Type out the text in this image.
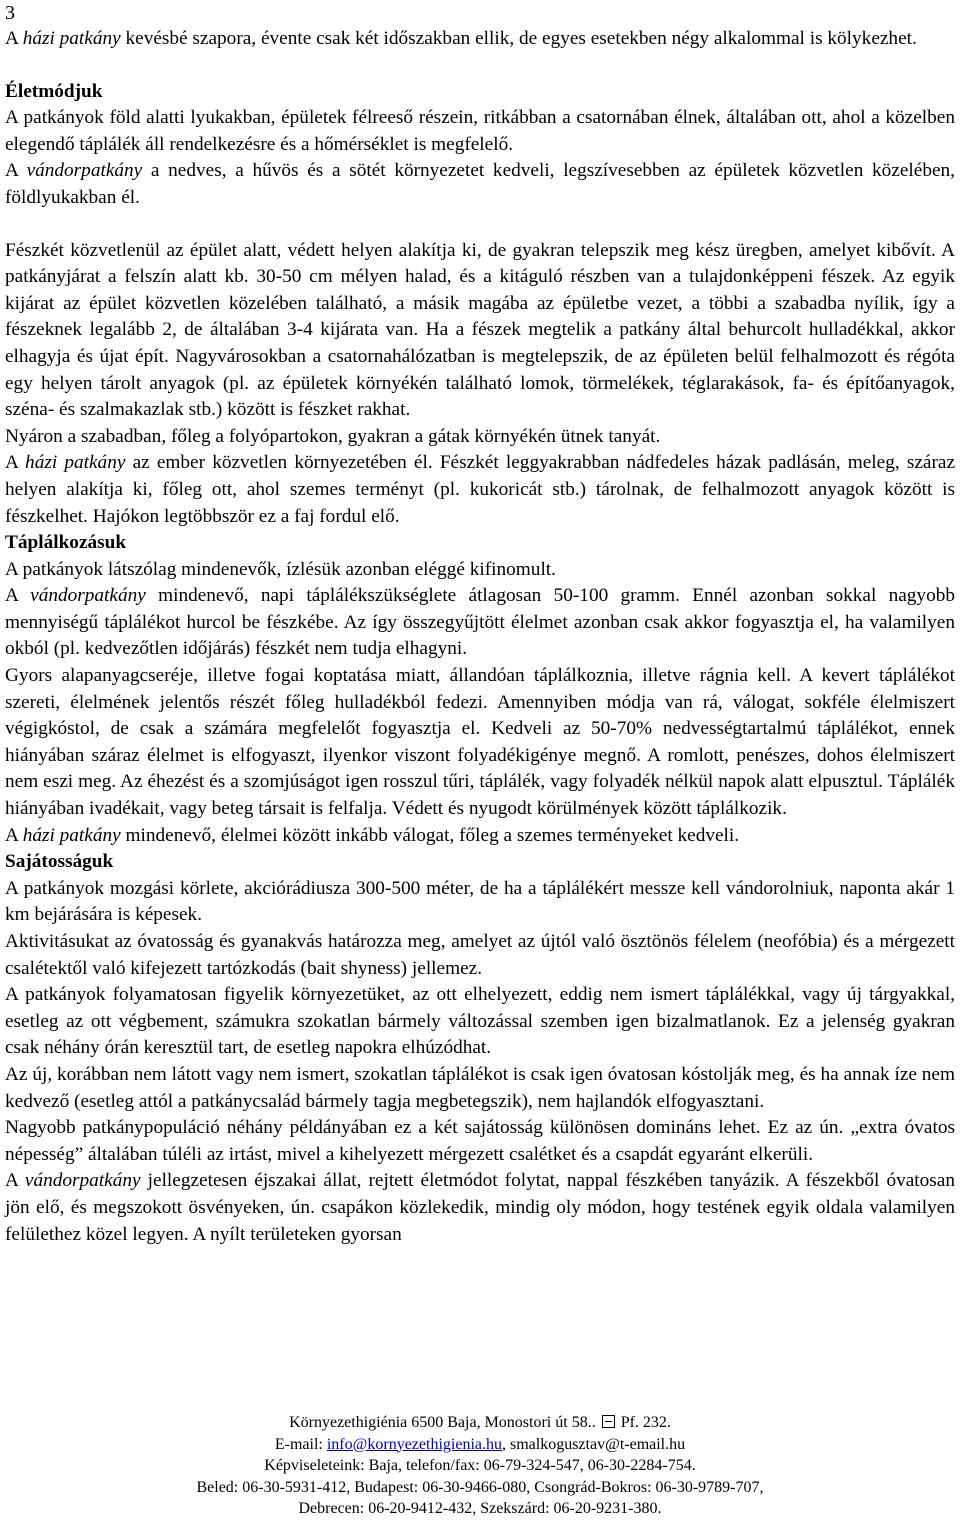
3

A házi patkány kevésbé szapora, évente csak két időszakban ellik, de egyes esetekben négy alkalommal is kölykezhet.

Életmódjuk

A patkányok föld alatti lyukakban, épületek félreeső részein, ritkábban a csatornában élnek, általában ott, ahol a közelben elegendő táplálék áll rendelkezésre és a hőmérséklet is megfelelő.

A vándorpatkány a nedves, a hűvös és a sötét környezetet kedveli, legszívesebben az épületek közvetlen közelében, földlyukakban él.

Fészkét közvetlenül az épület alatt, védett helyen alakítja ki, de gyakran telepszik meg kész üregben, amelyet kibővít. A patkányjárat a felszín alatt kb. 30-50 cm mélyen halad, és a kitáguló részben van a tulajdonképpeni fészek. Az egyik kijárat az épület közvetlen közelében található, a másik magába az épületbe vezet, a többi a szabadba nyílik, így a fészeknek legalább 2, de általában 3-4 kijárata van. Ha a fészek megtelik a patkány által behurcolt hulladékkal, akkor elhagyja és újat épít. Nagyvárosokban a csatornahálózatban is megtelepszik, de az épületen belül felhalmozott és régóta egy helyen tárolt anyagok (pl. az épületek környékén található lomok, törmelékek, téglarakások, fa- és építőanyagok, széna- és szalmakazlak stb.) között is fészket rakhat.

Nyáron a szabadban, főleg a folyópartokon, gyakran a gátak környékén ütnek tanyát.

A házi patkány az ember közvetlen környezetében él. Fészkét leggyakrabban nádfedeles házak padlásán, meleg, száraz helyen alakítja ki, főleg ott, ahol szemes terményt (pl. kukoricát stb.) tárolnak, de felhalmozott anyagok között is fészkelhet. Hajókon legtöbbször ez a faj fordul elő.

Táplálkozásuk

A patkányok látszólag mindenevők, ízlésük azonban eléggé kifinomult.

A vándorpatkány mindenevő, napi táplálékszükséglete átlagosan 50-100 gramm. Ennél azonban sokkal nagyobb mennyiségű táplálékot hurcol be fészkébe. Az így összegyűjtött élelmet azonban csak akkor fogyasztja el, ha valamilyen okból (pl. kedvezőtlen időjárás) fészkét nem tudja elhagyni.

Gyors alapanyagcseréje, illetve fogai koptatása miatt, állandóan táplálkoznia, illetve rágnia kell. A kevert táplálékot szereti, élelmének jelentős részét főleg hulladékból fedezi. Amennyiben módja van rá, válogat, sokféle élelmiszert végigkóstol, de csak a számára megfelelőt fogyasztja el. Kedveli az 50-70% nedvességtartalmú táplálékot, ennek hiányában száraz élelmet is elfogyaszt, ilyenkor viszont folyadékigénye megnő. A romlott, penészes, dohos élelmiszert nem eszi meg. Az éhezést és a szomjúságot igen rosszul tűri, táplálék, vagy folyadék nélkül napok alatt elpusztul. Táplálék hiányában ivadékait, vagy beteg társait is felfalja. Védett és nyugodt körülmények között táplálkozik.

A házi patkány mindenevő, élelmei között inkább válogat, főleg a szemes terményeket kedveli.

Sajátosságuk

A patkányok mozgási körlete, akciórádiusza 300-500 méter, de ha a táplálékért messze kell vándorolniuk, naponta akár 1 km bejárására is képesek.

Aktivitásukat az óvatosság és gyanakvás határozza meg, amelyet az újtól való ösztönös félelem (neofóbia) és a mérgezett csalétektől való kifejezett tartózkodás (bait shyness) jellemez.

A patkányok folyamatosan figyelik környezetüket, az ott elhelyezett, eddig nem ismert táplálékkal, vagy új tárgyakkal, esetleg az ott végbement, számukra szokatlan bármely változással szemben igen bizalmatlanok. Ez a jelenség gyakran csak néhány órán keresztül tart, de esetleg napokra elhúzódhat.

Az új, korábban nem látott vagy nem ismert, szokatlan táplálékot is csak igen óvatosan kóstolják meg, és ha annak íze nem kedvező (esetleg attól a patkánycsalád bármely tagja megbetegszik), nem hajlandók elfogyasztani.

Nagyobb patkánypopuláció néhány példányában ez a két sajátosság különösen domináns lehet. Ez az ún. „extra óvatos népesség” általában túléli az irtást, mivel a kihelyezett mérgezett csalétket és a csapdát egyaránt elkerüli.

A vándorpatkány jellegzetesen éjszakai állat, rejtett életmódot folytat, nappal fészkében tanyázik. A fészekből óvatosan jön elő, és megszokott ösvényeken, ún. csapákon közlekedik, mindig oly módon, hogy testének egyik oldala valamilyen felülethez közel legyen. A nyílt területeken gyorsan

Környezethigiénia 6500 Baja, Monostori út 58.. Pf. 232.
E-mail: info@kornyezethigienia.hu, smalkogusztav@t-email.hu
Képviseleteink: Baja, telefon/fax: 06-79-324-547, 06-30-2284-754.
Beled: 06-30-5931-412, Budapest: 06-30-9466-080, Csongrád-Bokros: 06-30-9789-707,
Debrecen: 06-20-9412-432, Szekszárd: 06-20-9231-380.
